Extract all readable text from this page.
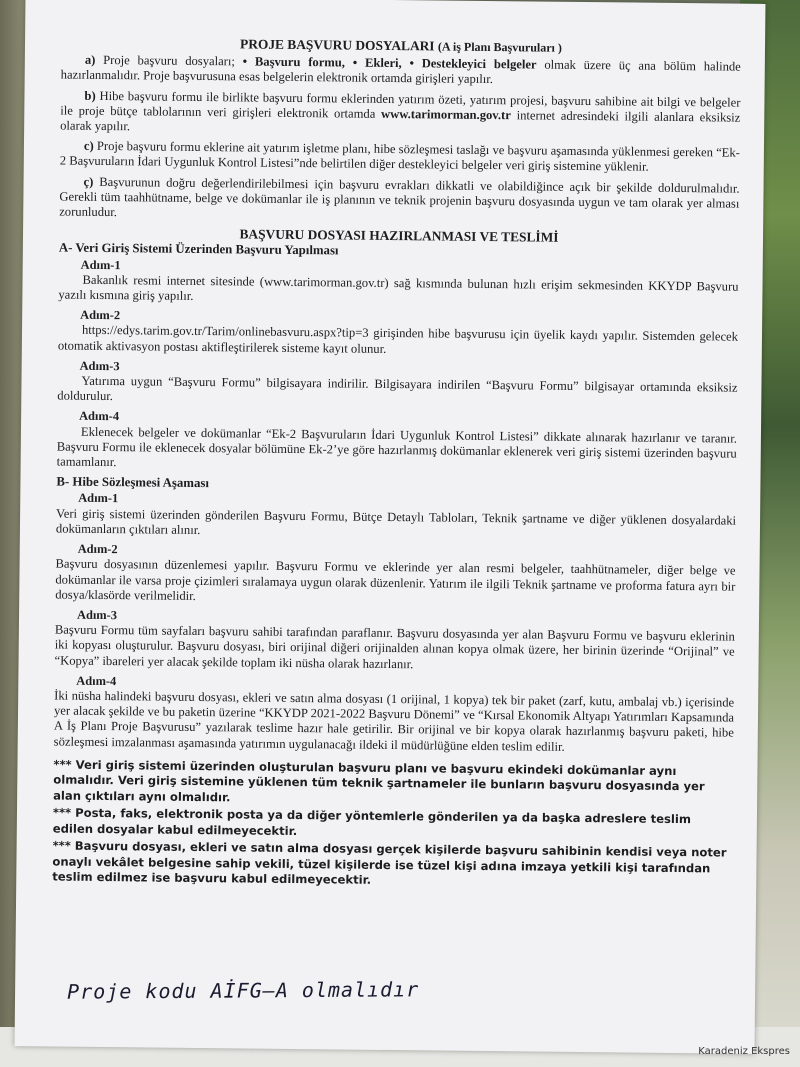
PROJE BAŞVURU DOSYALARI (A iş Planı Başvuruları )

a) Proje başvuru dosyaları; • Başvuru formu, • Ekleri, • Destekleyici belgeler olmak üzere üç ana bölüm halinde hazırlanmalıdır. Proje başvurusuna esas belgelerin elektronik ortamda girişleri yapılır.

b) Hibe başvuru formu ile birlikte başvuru formu eklerinden yatırım özeti, yatırım projesi, başvuru sahibine ait bilgi ve belgeler ile proje bütçe tablolarının veri girişleri elektronik ortamda www.tarimorman.gov.tr internet adresindeki ilgili alanlara eksiksiz olarak yapılır.

c) Proje başvuru formu eklerine ait yatırım işletme planı, hibe sözleşmesi taslağı ve başvuru aşamasında yüklenmesi gereken “Ek-2 Başvuruların İdari Uygunluk Kontrol Listesi”nde belirtilen diğer destekleyici belgeler veri giriş sistemine yüklenir.

ç) Başvurunun doğru değerlendirilebilmesi için başvuru evrakları dikkatli ve olabildiğince açık bir şekilde doldurulmalıdır. Gerekli tüm taahhütname, belge ve dokümanlar ile iş planının ve teknik projenin başvuru dosyasında uygun ve tam olarak yer alması zorunludur.

BAŞVURU DOSYASI HAZIRLANMASI VE TESLİMİ
A- Veri Giriş Sistemi Üzerinden Başvuru Yapılması
Adım-1

Bakanlık resmi internet sitesinde (www.tarimorman.gov.tr) sağ kısmında bulunan hızlı erişim sekmesinden KKYDP Başvuru yazılı kısmına giriş yapılır.

Adım-2

https://edys.tarim.gov.tr/Tarim/onlinebasvuru.aspx?tip=3 girişinden hibe başvurusu için üyelik kaydı yapılır. Sistemden gelecek otomatik aktivasyon postası aktifleştirilerek sisteme kayıt olunur.

Adım-3

Yatırıma uygun “Başvuru Formu” bilgisayara indirilir. Bilgisayara indirilen “Başvuru Formu” bilgisayar ortamında eksiksiz doldurulur.

Adım-4

Eklenecek belgeler ve dokümanlar “Ek-2 Başvuruların İdari Uygunluk Kontrol Listesi” dikkate alınarak hazırlanır ve taranır. Başvuru Formu ile eklenecek dosyalar bölümüne Ek-2’ye göre hazırlanmış dokümanlar eklenerek veri giriş sistemi üzerinden başvuru tamamlanır.

B- Hibe Sözleşmesi Aşaması
Adım-1

Veri giriş sistemi üzerinden gönderilen Başvuru Formu, Bütçe Detaylı Tabloları, Teknik şartname ve diğer yüklenen dosyalardaki dokümanların çıktıları alınır.

Adım-2

Başvuru dosyasının düzenlemesi yapılır. Başvuru Formu ve eklerinde yer alan resmi belgeler, taahhütnameler, diğer belge ve dokümanlar ile varsa proje çizimleri sıralamaya uygun olarak düzenlenir. Yatırım ile ilgili Teknik şartname ve proforma fatura ayrı bir dosya/klasörde verilmelidir.

Adım-3

Başvuru Formu tüm sayfaları başvuru sahibi tarafından paraflanır. Başvuru dosyasında yer alan Başvuru Formu ve başvuru eklerinin iki kopyası oluşturulur. Başvuru dosyası, biri orijinal diğeri orijinalden alınan kopya olmak üzere, her birinin üzerinde “Orijinal” ve “Kopya” ibareleri yer alacak şekilde toplam iki nüsha olarak hazırlanır.

Adım-4

İki nüsha halindeki başvuru dosyası, ekleri ve satın alma dosyası (1 orijinal, 1 kopya) tek bir paket (zarf, kutu, ambalaj vb.) içerisinde yer alacak şekilde ve bu paketin üzerine “KKYDP 2021-2022 Başvuru Dönemi” ve “Kırsal Ekonomik Altyapı Yatırımları Kapsamında A İş Planı Proje Başvurusu” yazılarak teslime hazır hale getirilir. Bir orijinal ve bir kopya olarak hazırlanmış başvuru paketi, hibe sözleşmesi imzalanması aşamasında yatırımın uygulanacağı ildeki il müdürlüğüne elden teslim edilir.

*** Veri giriş sistemi üzerinden oluşturulan başvuru planı ve başvuru ekindeki dokümanlar aynı olmalıdır. Veri giriş sistemine yüklenen tüm teknik şartnameler ile bunların başvuru dosyasında yer alan çıktıları aynı olmalıdır.

*** Posta, faks, elektronik posta ya da diğer yöntemlerle gönderilen ya da başka adreslere teslim edilen dosyalar kabul edilmeyecektir.

*** Başvuru dosyası, ekleri ve satın alma dosyası gerçek kişilerde başvuru sahibinin kendisi veya noter onaylı vekâlet belgesine sahip vekili, tüzel kişilerde ise tüzel kişi adına imzaya yetkili kişi tarafından teslim edilmez ise başvuru kabul edilmeyecektir.

Proje kodu AİFG–A olmalıdır
Karadeniz Ekspres
